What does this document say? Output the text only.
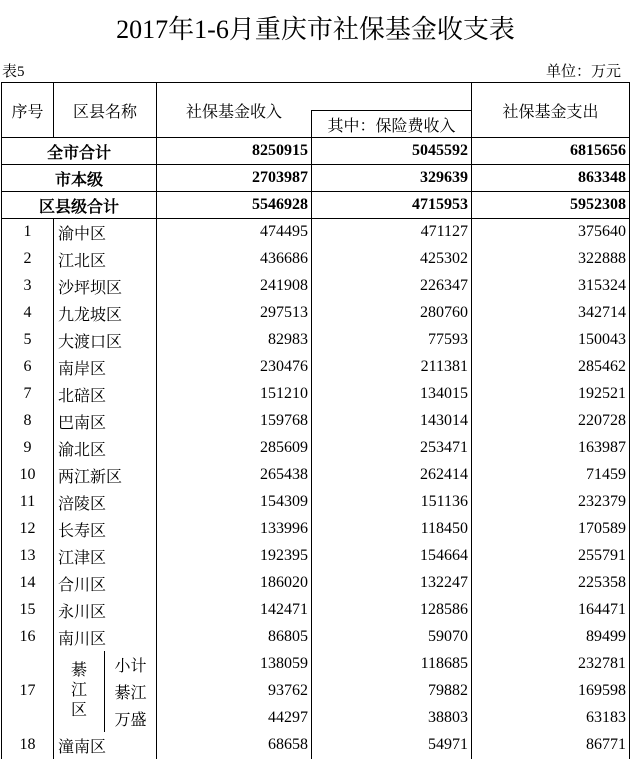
2017年1-6月重庆市社保基金收支表
表5	单位：万元
序号	区县名称		社保基金收入		社保基金支出
				其中：保险费收入	
全市合计			8250915	5045592	6815656
市本级			2703987	329639	863348
区县级合计			5546928	4715953	5952308
1	渝中区		474495	471127	375640
2	江北区		436686	425302	322888
3	沙坪坝区		241908	226347	315324
4	九龙坡区		297513	280760	342714
5	大渡口区		82983	77593	150043
6	南岸区		230476	211381	285462
7	北碚区		151210	134015	192521
8	巴南区		159768	143014	220728
9	渝北区		285609	253471	163987
10	两江新区		265438	262414	71459
11	涪陵区		154309	151136	232379
12	长寿区		133996	118450	170589
13	江津区		192395	154664	255791
14	合川区		186020	132247	225358
15	永川区		142471	128586	164471
16	南川区		86805	59070	89499
17	綦江区	小计	138059	118685	232781
		綦江	93762	79882	169598
		万盛	44297	38803	63183
18	潼南区		68658	54971	86771
